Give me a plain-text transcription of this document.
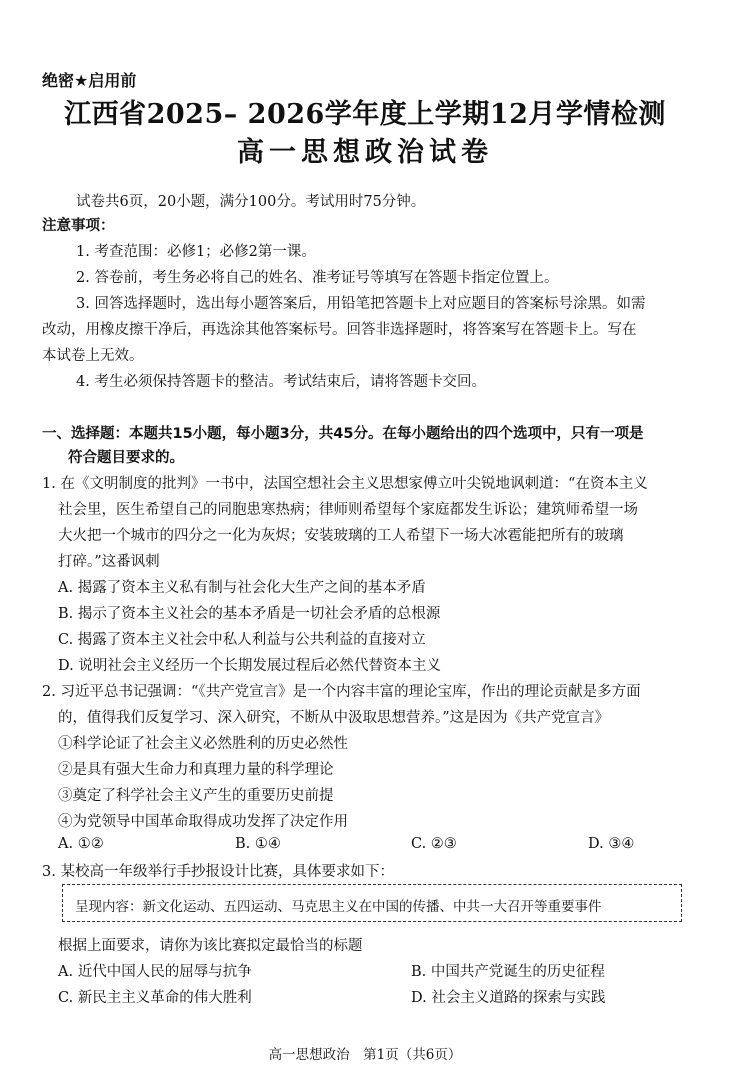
绝密★启用前
江西省2025– 2026学年度上学期12月学情检测
高一思想政治试卷
试卷共6页，20小题，满分100分。考试用时75分钟。
注意事项：
1. 考查范围：必修1；必修2第一课。
2. 答卷前，考生务必将自己的姓名、准考证号等填写在答题卡指定位置上。
3. 回答选择题时，选出每小题答案后，用铅笔把答题卡上对应题目的答案标号涂黑。如需
改动，用橡皮擦干净后，再选涂其他答案标号。回答非选择题时，将答案写在答题卡上。写在
本试卷上无效。
4. 考生必须保持答题卡的整洁。考试结束后，请将答题卡交回。
一、选择题：本题共15小题，每小题3分，共45分。在每小题给出的四个选项中，只有一项是
符合题目要求的。
1. 在《文明制度的批判》一书中，法国空想社会主义思想家傅立叶尖锐地讽刺道：“在资本主义
社会里，医生希望自己的同胞患寒热病；律师则希望每个家庭都发生诉讼；建筑师希望一场
大火把一个城市的四分之一化为灰烬；安装玻璃的工人希望下一场大冰雹能把所有的玻璃
打碎。”这番讽刺
A. 揭露了资本主义私有制与社会化大生产之间的基本矛盾
B. 揭示了资本主义社会的基本矛盾是一切社会矛盾的总根源
C. 揭露了资本主义社会中私人利益与公共利益的直接对立
D. 说明社会主义经历一个长期发展过程后必然代替资本主义
2. 习近平总书记强调：“《共产党宣言》是一个内容丰富的理论宝库，作出的理论贡献是多方面
的，值得我们反复学习、深入研究，不断从中汲取思想营养。”这是因为《共产党宣言》
①科学论证了社会主义必然胜利的历史必然性
②是具有强大生命力和真理力量的科学理论
③奠定了科学社会主义产生的重要历史前提
④为党领导中国革命取得成功发挥了决定作用
A. ①②	B. ①④	C. ②③	D. ③④
3. 某校高一年级举行手抄报设计比赛，具体要求如下：
呈现内容：新文化运动、五四运动、马克思主义在中国的传播、中共一大召开等重要事件
根据上面要求，请你为该比赛拟定最恰当的标题
A. 近代中国人民的屈辱与抗争	B. 中国共产党诞生的历史征程
C. 新民主主义革命的伟大胜利	D. 社会主义道路的探索与实践
高一思想政治　第1页（共6页）
